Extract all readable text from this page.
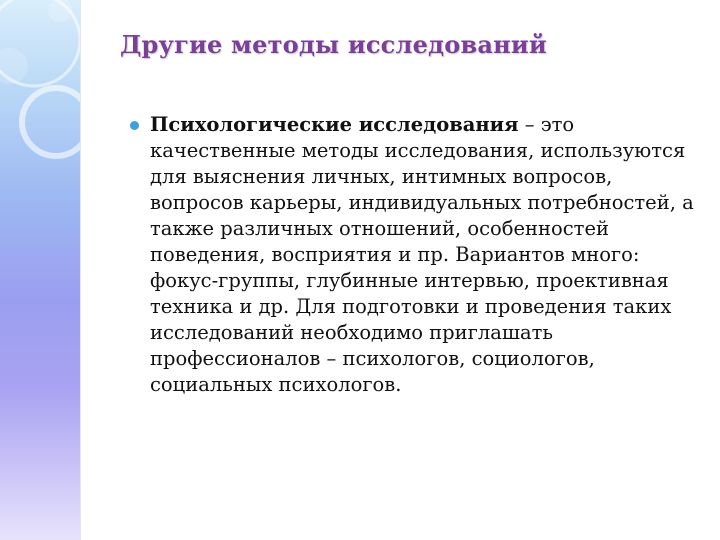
Другие методы исследований
Психологические исследования – это качественные методы исследования, используются для выяснения личных, интимных вопросов, вопросов карьеры, индивидуальных потребностей, а также различных отношений, особенностей поведения, восприятия и пр. Вариантов много: фокус-группы, глубинные интервью, проективная техника и др. Для подготовки и проведения таких исследований необходимо приглашать профессионалов – психологов, социологов, социальных психологов.
